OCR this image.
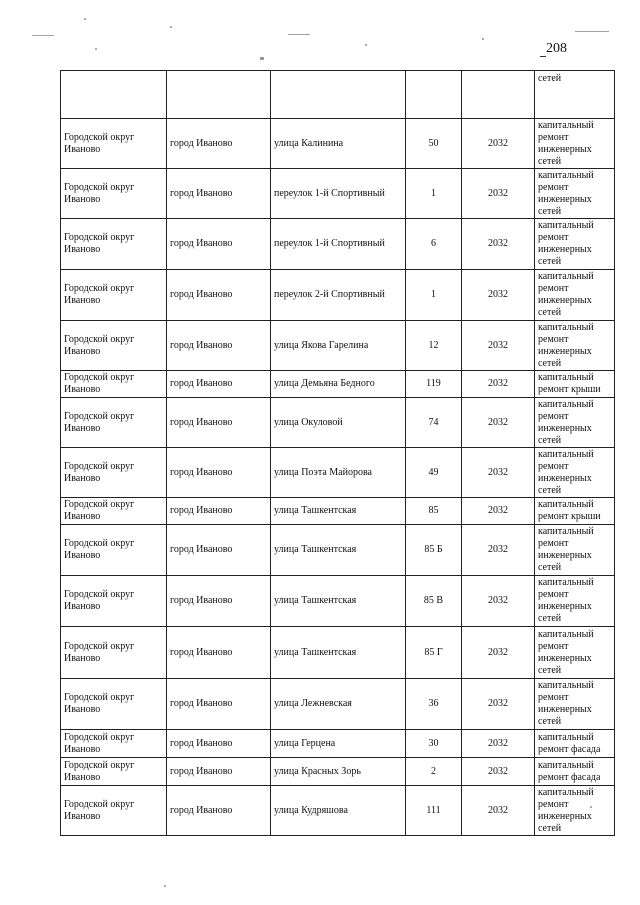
208
					сетей
Городской округ Иваново	город Иваново	улица Калинина	50	2032	капитальный ремонт инженерных сетей
Городской округ Иваново	город Иваново	переулок 1-й Спортивный	1	2032	капитальный ремонт инженерных сетей
Городской округ Иваново	город Иваново	переулок 1-й Спортивный	6	2032	капитальный ремонт инженерных сетей
Городской округ Иваново	город Иваново	переулок 2-й Спортивный	1	2032	капитальный ремонт инженерных сетей
Городской округ Иваново	город Иваново	улица Якова Гарелина	12	2032	капитальный ремонт инженерных сетей
Городской округ Иваново	город Иваново	улица Демьяна Бедного	119	2032	капитальный ремонт крыши
Городской округ Иваново	город Иваново	улица Окуловой	74	2032	капитальный ремонт инженерных сетей
Городской округ Иваново	город Иваново	улица Поэта Майорова	49	2032	капитальный ремонт инженерных сетей
Городской округ Иваново	город Иваново	улица Ташкентская	85	2032	капитальный ремонт крыши
Городской округ Иваново	город Иваново	улица Ташкентская	85 Б	2032	капитальный ремонт инженерных сетей
Городской округ Иваново	город Иваново	улица Ташкентская	85 В	2032	капитальный ремонт инженерных сетей
Городской округ Иваново	город Иваново	улица Ташкентская	85 Г	2032	капитальный ремонт инженерных сетей
Городской округ Иваново	город Иваново	улица Лежневская	36	2032	капитальный ремонт инженерных сетей
Городской округ Иваново	город Иваново	улица Герцена	30	2032	капитальный ремонт фасада
Городской округ Иваново	город Иваново	улица Красных Зорь	2	2032	капитальный ремонт фасада
Городской округ Иваново	город Иваново	улица Кудряшова	111	2032	капитальный ремонт инженерных сетей
